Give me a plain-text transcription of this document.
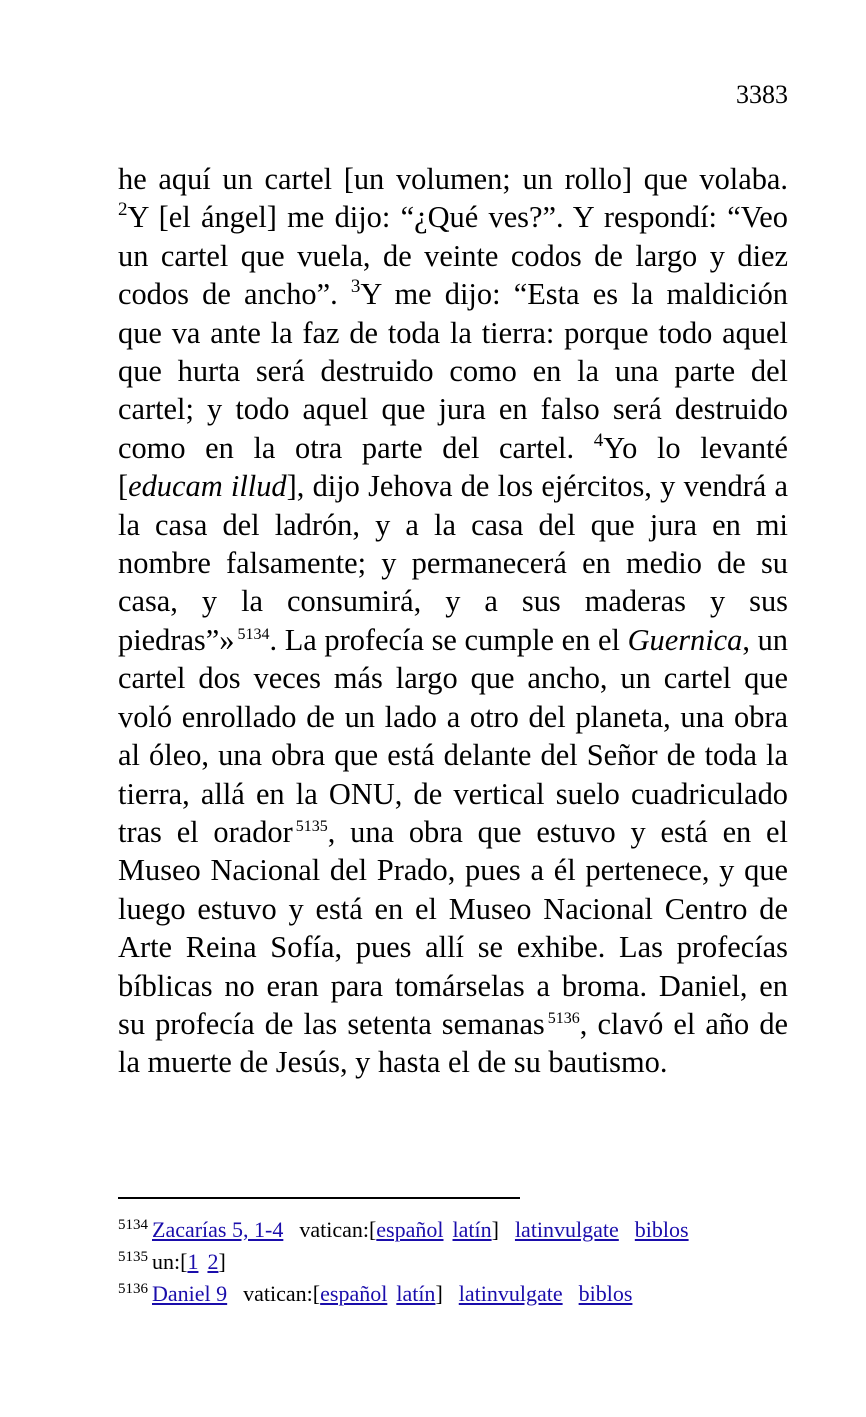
3383

he aquí un cartel [un volumen; un rollo] que volaba. $^2$Y [el ángel] me dijo: “¿Qué ves?”. Y respondí: “Veo un cartel que vuela, de veinte codos de largo y diez codos de ancho”. $^3$Y me dijo: “Esta es la maldición que va ante la faz de toda la tierra: porque todo aquel que hurta será destruido como en la una parte del cartel; y todo aquel que jura en falso será destruido como en la otra parte del cartel. $^4$Yo lo levanté [educam illud], dijo Jehova de los ejércitos, y vendrá a la casa del ladrón, y a la casa del que jura en mi nombre falsamente; y permanecerá en medio de su casa, y la consumirá, y a sus maderas y sus piedras”» $^{5134}$. La profecía se cumple en el Guernica, un cartel dos veces más largo que ancho, un cartel que voló enrollado de un lado a otro del planeta, una obra al óleo, una obra que está delante del Señor de toda la tierra, allá en la ONU, de vertical suelo cuadriculado tras el orador $^{5135}$, una obra que estuvo y está en el Museo Nacional del Prado, pues a él pertenece, y que luego estuvo y está en el Museo Nacional Centro de Arte Reina Sofía, pues allí se exhibe. Las profecías bíblicas no eran para tomárselas a broma. Daniel, en su profecía de las setenta semanas $^{5136}$, clavó el año de la muerte de Jesús, y hasta el de su bautismo.

$^{5134}$ Zacarías 5, 1-4 vatican:[español latín] latinvulgate biblos
$^{5135}$ un:[1 2]
$^{5136}$ Daniel 9 vatican:[español latín] latinvulgate biblos
